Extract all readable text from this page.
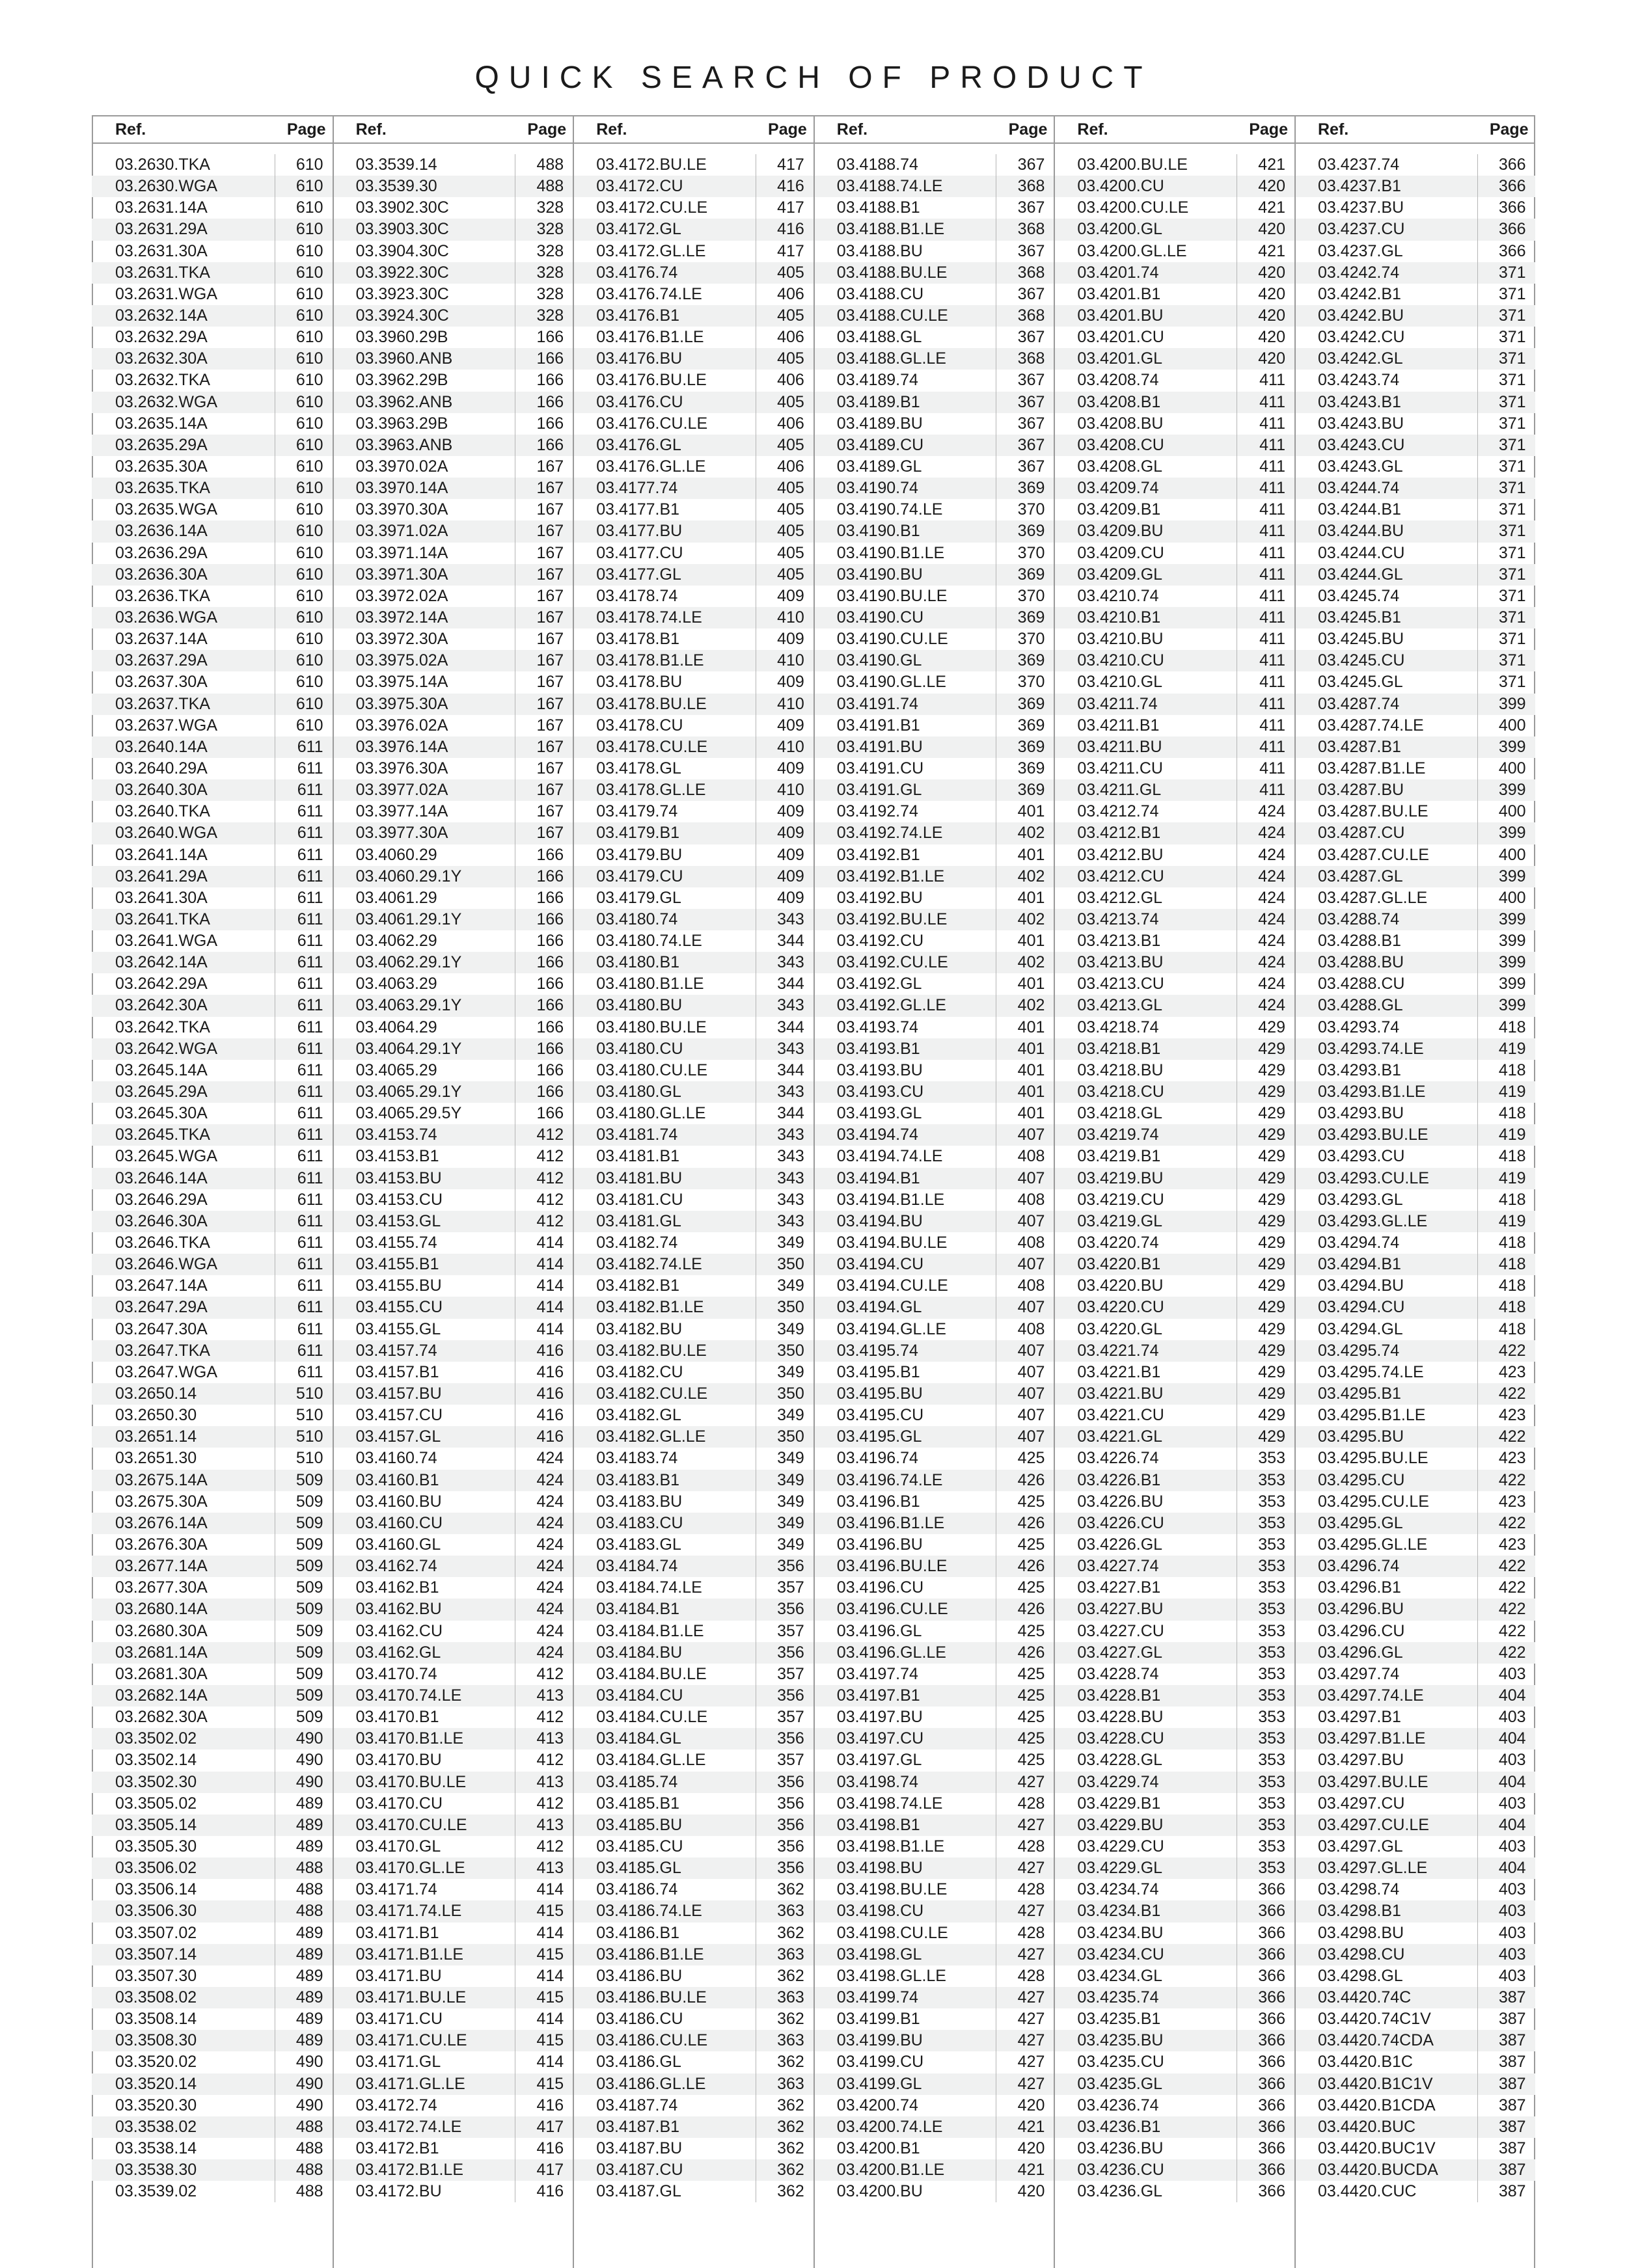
QUICK SEARCH OF PRODUCT
Ref.	Page
03.2630.TKA	610
03.2630.WGA	610
03.2631.14A	610
03.2631.29A	610
03.2631.30A	610
03.2631.TKA	610
03.2631.WGA	610
03.2632.14A	610
03.2632.29A	610
03.2632.30A	610
03.2632.TKA	610
03.2632.WGA	610
03.2635.14A	610
03.2635.29A	610
03.2635.30A	610
03.2635.TKA	610
03.2635.WGA	610
03.2636.14A	610
03.2636.29A	610
03.2636.30A	610
03.2636.TKA	610
03.2636.WGA	610
03.2637.14A	610
03.2637.29A	610
03.2637.30A	610
03.2637.TKA	610
03.2637.WGA	610
03.2640.14A	611
03.2640.29A	611
03.2640.30A	611
03.2640.TKA	611
03.2640.WGA	611
03.2641.14A	611
03.2641.29A	611
03.2641.30A	611
03.2641.TKA	611
03.2641.WGA	611
03.2642.14A	611
03.2642.29A	611
03.2642.30A	611
03.2642.TKA	611
03.2642.WGA	611
03.2645.14A	611
03.2645.29A	611
03.2645.30A	611
03.2645.TKA	611
03.2645.WGA	611
03.2646.14A	611
03.2646.29A	611
03.2646.30A	611
03.2646.TKA	611
03.2646.WGA	611
03.2647.14A	611
03.2647.29A	611
03.2647.30A	611
03.2647.TKA	611
03.2647.WGA	611
03.2650.14	510
03.2650.30	510
03.2651.14	510
03.2651.30	510
03.2675.14A	509
03.2675.30A	509
03.2676.14A	509
03.2676.30A	509
03.2677.14A	509
03.2677.30A	509
03.2680.14A	509
03.2680.30A	509
03.2681.14A	509
03.2681.30A	509
03.2682.14A	509
03.2682.30A	509
03.3502.02	490
03.3502.14	490
03.3502.30	490
03.3505.02	489
03.3505.14	489
03.3505.30	489
03.3506.02	488
03.3506.14	488
03.3506.30	488
03.3507.02	489
03.3507.14	489
03.3507.30	489
03.3508.02	489
03.3508.14	489
03.3508.30	489
03.3520.02	490
03.3520.14	490
03.3520.30	490
03.3538.02	488
03.3538.14	488
03.3538.30	488
03.3539.02	488
Ref.	Page
03.3539.14	488
03.3539.30	488
03.3902.30C	328
03.3903.30C	328
03.3904.30C	328
03.3922.30C	328
03.3923.30C	328
03.3924.30C	328
03.3960.29B	166
03.3960.ANB	166
03.3962.29B	166
03.3962.ANB	166
03.3963.29B	166
03.3963.ANB	166
03.3970.02A	167
03.3970.14A	167
03.3970.30A	167
03.3971.02A	167
03.3971.14A	167
03.3971.30A	167
03.3972.02A	167
03.3972.14A	167
03.3972.30A	167
03.3975.02A	167
03.3975.14A	167
03.3975.30A	167
03.3976.02A	167
03.3976.14A	167
03.3976.30A	167
03.3977.02A	167
03.3977.14A	167
03.3977.30A	167
03.4060.29	166
03.4060.29.1Y	166
03.4061.29	166
03.4061.29.1Y	166
03.4062.29	166
03.4062.29.1Y	166
03.4063.29	166
03.4063.29.1Y	166
03.4064.29	166
03.4064.29.1Y	166
03.4065.29	166
03.4065.29.1Y	166
03.4065.29.5Y	166
03.4153.74	412
03.4153.B1	412
03.4153.BU	412
03.4153.CU	412
03.4153.GL	412
03.4155.74	414
03.4155.B1	414
03.4155.BU	414
03.4155.CU	414
03.4155.GL	414
03.4157.74	416
03.4157.B1	416
03.4157.BU	416
03.4157.CU	416
03.4157.GL	416
03.4160.74	424
03.4160.B1	424
03.4160.BU	424
03.4160.CU	424
03.4160.GL	424
03.4162.74	424
03.4162.B1	424
03.4162.BU	424
03.4162.CU	424
03.4162.GL	424
03.4170.74	412
03.4170.74.LE	413
03.4170.B1	412
03.4170.B1.LE	413
03.4170.BU	412
03.4170.BU.LE	413
03.4170.CU	412
03.4170.CU.LE	413
03.4170.GL	412
03.4170.GL.LE	413
03.4171.74	414
03.4171.74.LE	415
03.4171.B1	414
03.4171.B1.LE	415
03.4171.BU	414
03.4171.BU.LE	415
03.4171.CU	414
03.4171.CU.LE	415
03.4171.GL	414
03.4171.GL.LE	415
03.4172.74	416
03.4172.74.LE	417
03.4172.B1	416
03.4172.B1.LE	417
03.4172.BU	416
Ref.	Page
03.4172.BU.LE	417
03.4172.CU	416
03.4172.CU.LE	417
03.4172.GL	416
03.4172.GL.LE	417
03.4176.74	405
03.4176.74.LE	406
03.4176.B1	405
03.4176.B1.LE	406
03.4176.BU	405
03.4176.BU.LE	406
03.4176.CU	405
03.4176.CU.LE	406
03.4176.GL	405
03.4176.GL.LE	406
03.4177.74	405
03.4177.B1	405
03.4177.BU	405
03.4177.CU	405
03.4177.GL	405
03.4178.74	409
03.4178.74.LE	410
03.4178.B1	409
03.4178.B1.LE	410
03.4178.BU	409
03.4178.BU.LE	410
03.4178.CU	409
03.4178.CU.LE	410
03.4178.GL	409
03.4178.GL.LE	410
03.4179.74	409
03.4179.B1	409
03.4179.BU	409
03.4179.CU	409
03.4179.GL	409
03.4180.74	343
03.4180.74.LE	344
03.4180.B1	343
03.4180.B1.LE	344
03.4180.BU	343
03.4180.BU.LE	344
03.4180.CU	343
03.4180.CU.LE	344
03.4180.GL	343
03.4180.GL.LE	344
03.4181.74	343
03.4181.B1	343
03.4181.BU	343
03.4181.CU	343
03.4181.GL	343
03.4182.74	349
03.4182.74.LE	350
03.4182.B1	349
03.4182.B1.LE	350
03.4182.BU	349
03.4182.BU.LE	350
03.4182.CU	349
03.4182.CU.LE	350
03.4182.GL	349
03.4182.GL.LE	350
03.4183.74	349
03.4183.B1	349
03.4183.BU	349
03.4183.CU	349
03.4183.GL	349
03.4184.74	356
03.4184.74.LE	357
03.4184.B1	356
03.4184.B1.LE	357
03.4184.BU	356
03.4184.BU.LE	357
03.4184.CU	356
03.4184.CU.LE	357
03.4184.GL	356
03.4184.GL.LE	357
03.4185.74	356
03.4185.B1	356
03.4185.BU	356
03.4185.CU	356
03.4185.GL	356
03.4186.74	362
03.4186.74.LE	363
03.4186.B1	362
03.4186.B1.LE	363
03.4186.BU	362
03.4186.BU.LE	363
03.4186.CU	362
03.4186.CU.LE	363
03.4186.GL	362
03.4186.GL.LE	363
03.4187.74	362
03.4187.B1	362
03.4187.BU	362
03.4187.CU	362
03.4187.GL	362
Ref.	Page
03.4188.74	367
03.4188.74.LE	368
03.4188.B1	367
03.4188.B1.LE	368
03.4188.BU	367
03.4188.BU.LE	368
03.4188.CU	367
03.4188.CU.LE	368
03.4188.GL	367
03.4188.GL.LE	368
03.4189.74	367
03.4189.B1	367
03.4189.BU	367
03.4189.CU	367
03.4189.GL	367
03.4190.74	369
03.4190.74.LE	370
03.4190.B1	369
03.4190.B1.LE	370
03.4190.BU	369
03.4190.BU.LE	370
03.4190.CU	369
03.4190.CU.LE	370
03.4190.GL	369
03.4190.GL.LE	370
03.4191.74	369
03.4191.B1	369
03.4191.BU	369
03.4191.CU	369
03.4191.GL	369
03.4192.74	401
03.4192.74.LE	402
03.4192.B1	401
03.4192.B1.LE	402
03.4192.BU	401
03.4192.BU.LE	402
03.4192.CU	401
03.4192.CU.LE	402
03.4192.GL	401
03.4192.GL.LE	402
03.4193.74	401
03.4193.B1	401
03.4193.BU	401
03.4193.CU	401
03.4193.GL	401
03.4194.74	407
03.4194.74.LE	408
03.4194.B1	407
03.4194.B1.LE	408
03.4194.BU	407
03.4194.BU.LE	408
03.4194.CU	407
03.4194.CU.LE	408
03.4194.GL	407
03.4194.GL.LE	408
03.4195.74	407
03.4195.B1	407
03.4195.BU	407
03.4195.CU	407
03.4195.GL	407
03.4196.74	425
03.4196.74.LE	426
03.4196.B1	425
03.4196.B1.LE	426
03.4196.BU	425
03.4196.BU.LE	426
03.4196.CU	425
03.4196.CU.LE	426
03.4196.GL	425
03.4196.GL.LE	426
03.4197.74	425
03.4197.B1	425
03.4197.BU	425
03.4197.CU	425
03.4197.GL	425
03.4198.74	427
03.4198.74.LE	428
03.4198.B1	427
03.4198.B1.LE	428
03.4198.BU	427
03.4198.BU.LE	428
03.4198.CU	427
03.4198.CU.LE	428
03.4198.GL	427
03.4198.GL.LE	428
03.4199.74	427
03.4199.B1	427
03.4199.BU	427
03.4199.CU	427
03.4199.GL	427
03.4200.74	420
03.4200.74.LE	421
03.4200.B1	420
03.4200.B1.LE	421
03.4200.BU	420
Ref.	Page
03.4200.BU.LE	421
03.4200.CU	420
03.4200.CU.LE	421
03.4200.GL	420
03.4200.GL.LE	421
03.4201.74	420
03.4201.B1	420
03.4201.BU	420
03.4201.CU	420
03.4201.GL	420
03.4208.74	411
03.4208.B1	411
03.4208.BU	411
03.4208.CU	411
03.4208.GL	411
03.4209.74	411
03.4209.B1	411
03.4209.BU	411
03.4209.CU	411
03.4209.GL	411
03.4210.74	411
03.4210.B1	411
03.4210.BU	411
03.4210.CU	411
03.4210.GL	411
03.4211.74	411
03.4211.B1	411
03.4211.BU	411
03.4211.CU	411
03.4211.GL	411
03.4212.74	424
03.4212.B1	424
03.4212.BU	424
03.4212.CU	424
03.4212.GL	424
03.4213.74	424
03.4213.B1	424
03.4213.BU	424
03.4213.CU	424
03.4213.GL	424
03.4218.74	429
03.4218.B1	429
03.4218.BU	429
03.4218.CU	429
03.4218.GL	429
03.4219.74	429
03.4219.B1	429
03.4219.BU	429
03.4219.CU	429
03.4219.GL	429
03.4220.74	429
03.4220.B1	429
03.4220.BU	429
03.4220.CU	429
03.4220.GL	429
03.4221.74	429
03.4221.B1	429
03.4221.BU	429
03.4221.CU	429
03.4221.GL	429
03.4226.74	353
03.4226.B1	353
03.4226.BU	353
03.4226.CU	353
03.4226.GL	353
03.4227.74	353
03.4227.B1	353
03.4227.BU	353
03.4227.CU	353
03.4227.GL	353
03.4228.74	353
03.4228.B1	353
03.4228.BU	353
03.4228.CU	353
03.4228.GL	353
03.4229.74	353
03.4229.B1	353
03.4229.BU	353
03.4229.CU	353
03.4229.GL	353
03.4234.74	366
03.4234.B1	366
03.4234.BU	366
03.4234.CU	366
03.4234.GL	366
03.4235.74	366
03.4235.B1	366
03.4235.BU	366
03.4235.CU	366
03.4235.GL	366
03.4236.74	366
03.4236.B1	366
03.4236.BU	366
03.4236.CU	366
03.4236.GL	366
Ref.	Page
03.4237.74	366
03.4237.B1	366
03.4237.BU	366
03.4237.CU	366
03.4237.GL	366
03.4242.74	371
03.4242.B1	371
03.4242.BU	371
03.4242.CU	371
03.4242.GL	371
03.4243.74	371
03.4243.B1	371
03.4243.BU	371
03.4243.CU	371
03.4243.GL	371
03.4244.74	371
03.4244.B1	371
03.4244.BU	371
03.4244.CU	371
03.4244.GL	371
03.4245.74	371
03.4245.B1	371
03.4245.BU	371
03.4245.CU	371
03.4245.GL	371
03.4287.74	399
03.4287.74.LE	400
03.4287.B1	399
03.4287.B1.LE	400
03.4287.BU	399
03.4287.BU.LE	400
03.4287.CU	399
03.4287.CU.LE	400
03.4287.GL	399
03.4287.GL.LE	400
03.4288.74	399
03.4288.B1	399
03.4288.BU	399
03.4288.CU	399
03.4288.GL	399
03.4293.74	418
03.4293.74.LE	419
03.4293.B1	418
03.4293.B1.LE	419
03.4293.BU	418
03.4293.BU.LE	419
03.4293.CU	418
03.4293.CU.LE	419
03.4293.GL	418
03.4293.GL.LE	419
03.4294.74	418
03.4294.B1	418
03.4294.BU	418
03.4294.CU	418
03.4294.GL	418
03.4295.74	422
03.4295.74.LE	423
03.4295.B1	422
03.4295.B1.LE	423
03.4295.BU	422
03.4295.BU.LE	423
03.4295.CU	422
03.4295.CU.LE	423
03.4295.GL	422
03.4295.GL.LE	423
03.4296.74	422
03.4296.B1	422
03.4296.BU	422
03.4296.CU	422
03.4296.GL	422
03.4297.74	403
03.4297.74.LE	404
03.4297.B1	403
03.4297.B1.LE	404
03.4297.BU	403
03.4297.BU.LE	404
03.4297.CU	403
03.4297.CU.LE	404
03.4297.GL	403
03.4297.GL.LE	404
03.4298.74	403
03.4298.B1	403
03.4298.BU	403
03.4298.CU	403
03.4298.GL	403
03.4420.74C	387
03.4420.74C1V	387
03.4420.74CDA	387
03.4420.B1C	387
03.4420.B1C1V	387
03.4420.B1CDA	387
03.4420.BUC	387
03.4420.BUC1V	387
03.4420.BUCDA	387
03.4420.CUC	387
